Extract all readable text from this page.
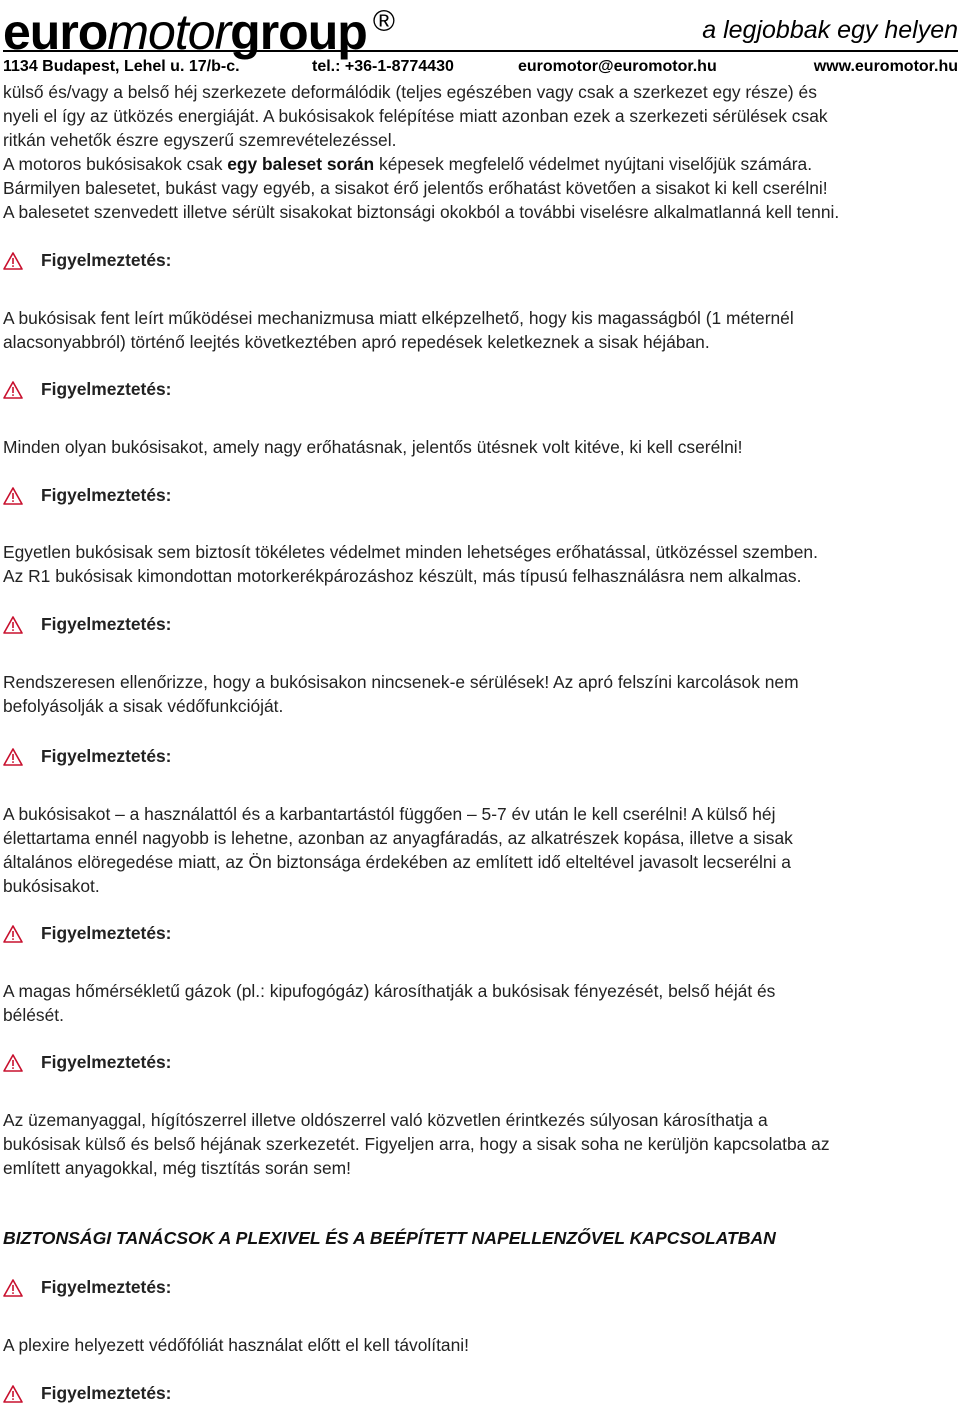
euromotorgroup ®	a legjobbak egy helyen
1134 Budapest, Lehel u. 17/b-c.	tel.: +36-1-8774430	euromotor@euromotor.hu	www.euromotor.hu
külső és/vagy a belső héj szerkezete deformálódik (teljes egészében vagy csak a szerkezet egy része) és
nyeli el így az ütközés energiáját. A bukósisakok felépítése miatt azonban ezek a szerkezeti sérülések csak
ritkán vehetők észre egyszerű szemrevételezéssel.
A motoros bukósisakok csak egy baleset során képesek megfelelő védelmet nyújtani viselőjük számára.
Bármilyen balesetet, bukást vagy egyéb, a sisakot érő jelentős erőhatást követően a sisakot ki kell cserélni!
A balesetet szenvedett illetve sérült sisakokat biztonsági okokból a további viselésre alkalmatlanná kell tenni.
Figyelmeztetés:
A bukósisak fent leírt működései mechanizmusa miatt elképzelhető, hogy kis magasságból (1 méternél
alacsonyabbról) történő leejtés következtében apró repedések keletkeznek a sisak héjában.
Figyelmeztetés:
Minden olyan bukósisakot, amely nagy erőhatásnak, jelentős ütésnek volt kitéve, ki kell cserélni!
Figyelmeztetés:
Egyetlen bukósisak sem biztosít tökéletes védelmet minden lehetséges erőhatással, ütközéssel szemben.
Az R1 bukósisak kimondottan motorkerékpározáshoz készült, más típusú felhasználásra nem alkalmas.
Figyelmeztetés:
Rendszeresen ellenőrizze, hogy a bukósisakon nincsenek-e sérülések! Az apró felszíni karcolások nem
befolyásolják a sisak védőfunkcióját.
Figyelmeztetés:
A bukósisakot – a használattól és a karbantartástól függően – 5-7 év után le kell cserélni! A külső héj
élettartama ennél nagyobb is lehetne, azonban az anyagfáradás, az alkatrészek kopása, illetve a sisak
általános elöregedése miatt, az Ön biztonsága érdekében az említett idő elteltével javasolt lecserélni a
bukósisakot.
Figyelmeztetés:
A magas hőmérsékletű gázok (pl.: kipufogógáz) károsíthatják a bukósisak fényezését, belső héját és
bélését.
Figyelmeztetés:
Az üzemanyaggal, hígítószerrel illetve oldószerrel való közvetlen érintkezés súlyosan károsíthatja a
bukósisak külső és belső héjának szerkezetét. Figyeljen arra, hogy a sisak soha ne kerüljön kapcsolatba az
említett anyagokkal, még tisztítás során sem!
BIZTONSÁGI TANÁCSOK A PLEXIVEL ÉS A BEÉPÍTETT NAPELLENZŐVEL KAPCSOLATBAN
Figyelmeztetés:
A plexire helyezett védőfóliát használat előtt el kell távolítani!
Figyelmeztetés:
